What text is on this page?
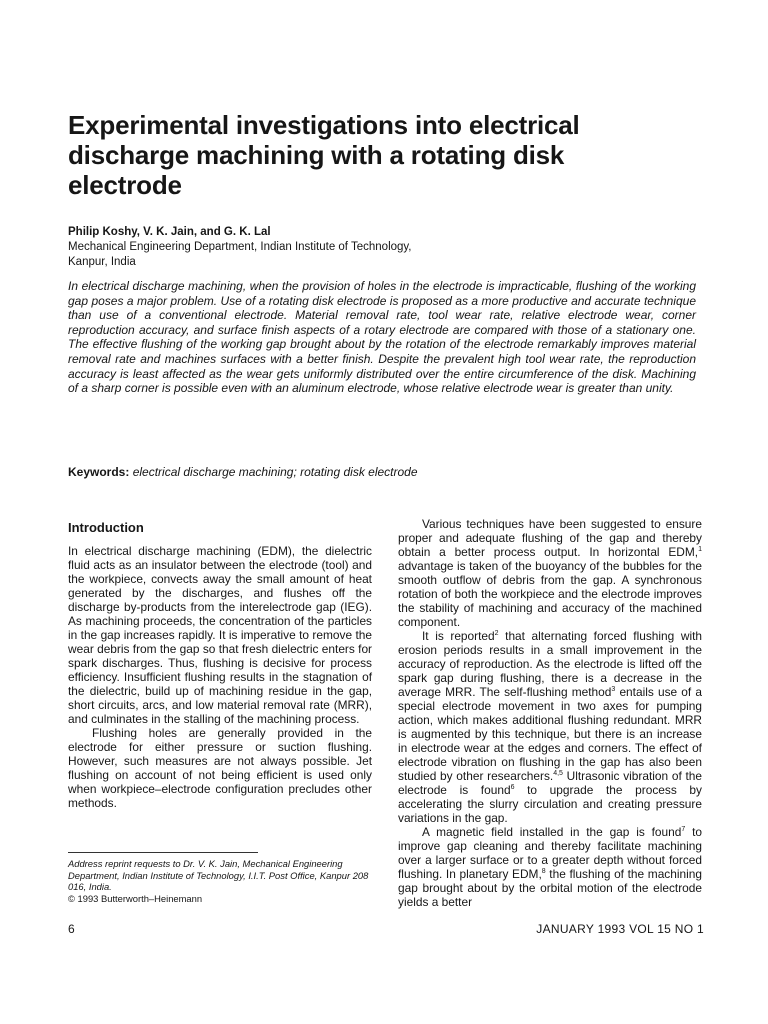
Experimental investigations into electrical discharge machining with a rotating disk electrode
Philip Koshy, V. K. Jain, and G. K. Lal
Mechanical Engineering Department, Indian Institute of Technology,
Kanpur, India

In electrical discharge machining, when the provision of holes in the electrode is impracticable, flushing of the working gap poses a major problem. Use of a rotating disk electrode is proposed as a more productive and accurate technique than use of a conventional electrode. Material removal rate, tool wear rate, relative electrode wear, corner reproduction accuracy, and surface finish aspects of a rotary electrode are compared with those of a stationary one. The effective flushing of the working gap brought about by the rotation of the electrode remarkably improves material removal rate and machines surfaces with a better finish. Despite the prevalent high tool wear rate, the reproduction accuracy is least affected as the wear gets uniformly distributed over the entire circumference of the disk. Machining of a sharp corner is possible even with an aluminum electrode, whose relative electrode wear is greater than unity.

Keywords: electrical discharge machining; rotating disk electrode
Introduction

In electrical discharge machining (EDM), the dielectric fluid acts as an insulator between the electrode (tool) and the workpiece, convects away the small amount of heat generated by the discharges, and flushes off the discharge by-products from the interelectrode gap (IEG). As machining proceeds, the concentration of the particles in the gap increases rapidly. It is imperative to remove the wear debris from the gap so that fresh dielectric enters for spark discharges. Thus, flushing is decisive for process efficiency. Insufficient flushing results in the stagnation of the dielectric, build up of machining residue in the gap, short circuits, arcs, and low material removal rate (MRR), and culminates in the stalling of the machining process.

Flushing holes are generally provided in the electrode for either pressure or suction flushing. However, such measures are not always possible. Jet flushing on account of not being efficient is used only when workpiece–electrode configuration precludes other methods.

Various techniques have been suggested to ensure proper and adequate flushing of the gap and thereby obtain a better process output. In horizontal EDM,$^1$ advantage is taken of the buoyancy of the bubbles for the smooth outflow of debris from the gap. A synchronous rotation of both the workpiece and the electrode improves the stability of machining and accuracy of the machined component.

It is reported$^2$ that alternating forced flushing with erosion periods results in a small improvement in the accuracy of reproduction. As the electrode is lifted off the spark gap during flushing, there is a decrease in the average MRR. The self-flushing method$^3$ entails use of a special electrode movement in two axes for pumping action, which makes additional flushing redundant. MRR is augmented by this technique, but there is an increase in electrode wear at the edges and corners. The effect of electrode vibration on flushing in the gap has also been studied by other researchers.$^{4,5}$ Ultrasonic vibration of the electrode is found$^6$ to upgrade the process by accelerating the slurry circulation and creating pressure variations in the gap.

A magnetic field installed in the gap is found$^7$ to improve gap cleaning and thereby facilitate machining over a larger surface or to a greater depth without forced flushing. In planetary EDM,$^8$ the flushing of the machining gap brought about by the orbital motion of the electrode yields a better

Address reprint requests to Dr. V. K. Jain, Mechanical Engineering Department, Indian Institute of Technology, I.I.T. Post Office, Kanpur 208 016, India.
© 1993 Butterworth–Heinemann
6	JANUARY 1993 VOL 15 NO 1
